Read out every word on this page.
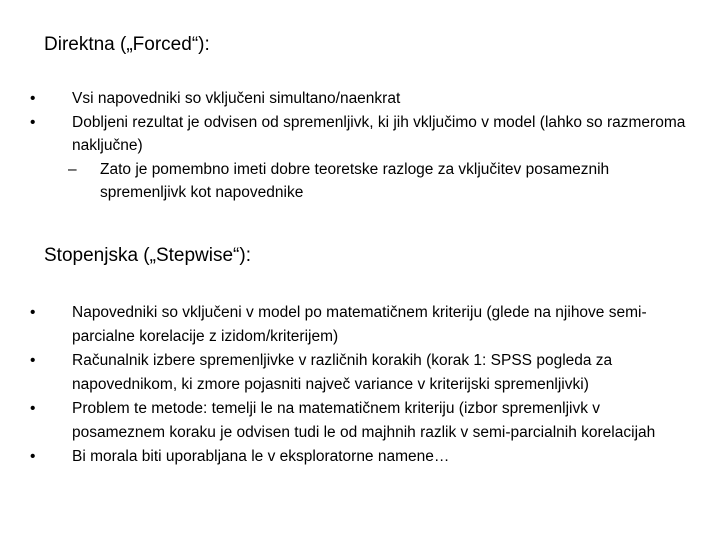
Direktna („Forced“):
•	Vsi napovedniki so vključeni simultano/naenkrat
•	Dobljeni rezultat je odvisen od spremenljivk, ki jih vključimo v model (lahko so razmeroma naključne)
– Zato je pomembno imeti dobre teoretske razloge za vključitev posameznih spremenljivk kot napovednike
Stopenjska („Stepwise“):
•	Napovedniki so vključeni v model po matematičnem kriteriju (glede na njihove semi-parcialne korelacije z izidom/kriterijem)
•	Računalnik izbere spremenljivke v različnih korakih (korak 1: SPSS pogleda za napovednikom, ki zmore pojasniti največ variance v kriterijski spremenljivki)
•	Problem te metode: temelji le na matematičnem kriteriju (izbor spremenljivk v posameznem koraku je odvisen tudi le od majhnih razlik v semi-parcialnih korelacijah
•	Bi morala biti uporabljana le v eksploratorne namene…
